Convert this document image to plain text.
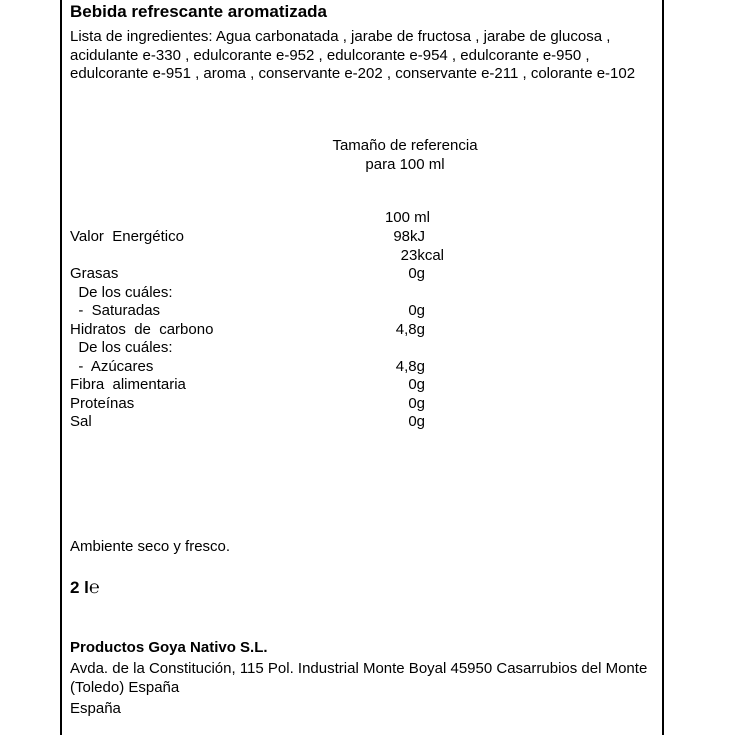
Bebida refrescante aromatizada
Lista de ingredientes: Agua carbonatada , jarabe de fructosa , jarabe de glucosa , acidulante e-330 , edulcorante e-952 , edulcorante e-954 , edulcorante e-950 , edulcorante e-951 , aroma , conservante e-202 , conservante e-211 , colorante e-102
Tamaño de referencia
para 100 ml
100 ml
Valor  Energético	98kJ
23kcal
Grasas	0g
De los cuáles:
-  Saturadas	0g
Hidratos  de  carbono	4,8g
De los cuáles:
-  Azúcares	4,8g
Fibra  alimentaria	0g
Proteínas	0g
Sal	0g
Ambiente seco y fresco.
2 l℮
Productos Goya Nativo S.L.
Avda. de la Constitución, 115 Pol. Industrial Monte Boyal 45950 Casarrubios del Monte (Toledo) España
España
